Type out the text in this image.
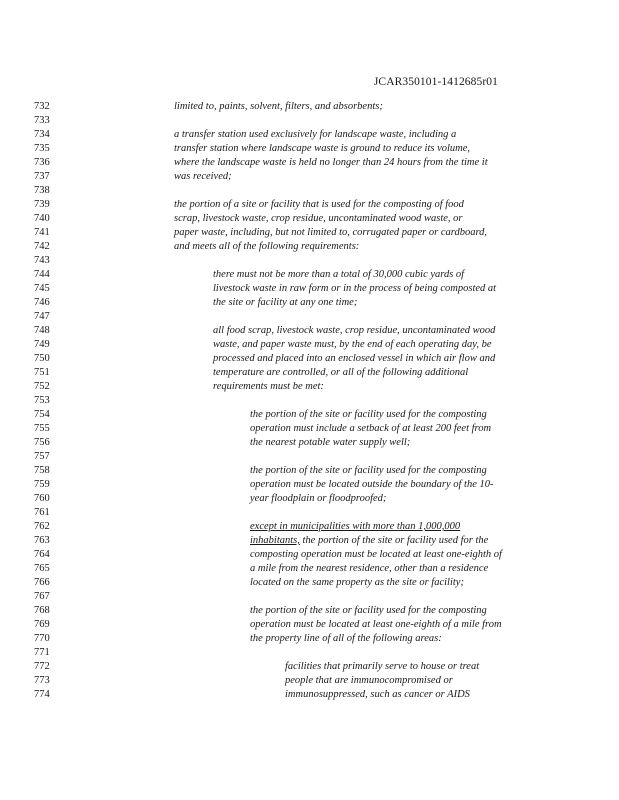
JCAR350101-1412685r01
732	limited to, paints, solvent, filters, and absorbents;
733
734	a transfer station used exclusively for landscape waste, including a
735	transfer station where landscape waste is ground to reduce its volume,
736	where the landscape waste is held no longer than 24 hours from the time it
737	was received;
738
739	the portion of a site or facility that is used for the composting of food
740	scrap, livestock waste, crop residue, uncontaminated wood waste, or
741	paper waste, including, but not limited to, corrugated paper or cardboard,
742	and meets all of the following requirements:
743
744	there must not be more than a total of 30,000 cubic yards of
745	livestock waste in raw form or in the process of being composted at
746	the site or facility at any one time;
747
748	all food scrap, livestock waste, crop residue, uncontaminated wood
749	waste, and paper waste must, by the end of each operating day, be
750	processed and placed into an enclosed vessel in which air flow and
751	temperature are controlled, or all of the following additional
752	requirements must be met:
753
754	the portion of the site or facility used for the composting
755	operation must include a setback of at least 200 feet from
756	the nearest potable water supply well;
757
758	the portion of the site or facility used for the composting
759	operation must be located outside the boundary of the 10-
760	year floodplain or floodproofed;
761
762	except in municipalities with more than 1,000,000
763	inhabitants, the portion of the site or facility used for the
764	composting operation must be located at least one-eighth of
765	a mile from the nearest residence, other than a residence
766	located on the same property as the site or facility;
767
768	the portion of the site or facility used for the composting
769	operation must be located at least one-eighth of a mile from
770	the property line of all of the following areas:
771
772	facilities that primarily serve to house or treat
773	people that are immunocompromised or
774	immunosuppressed, such as cancer or AIDS
